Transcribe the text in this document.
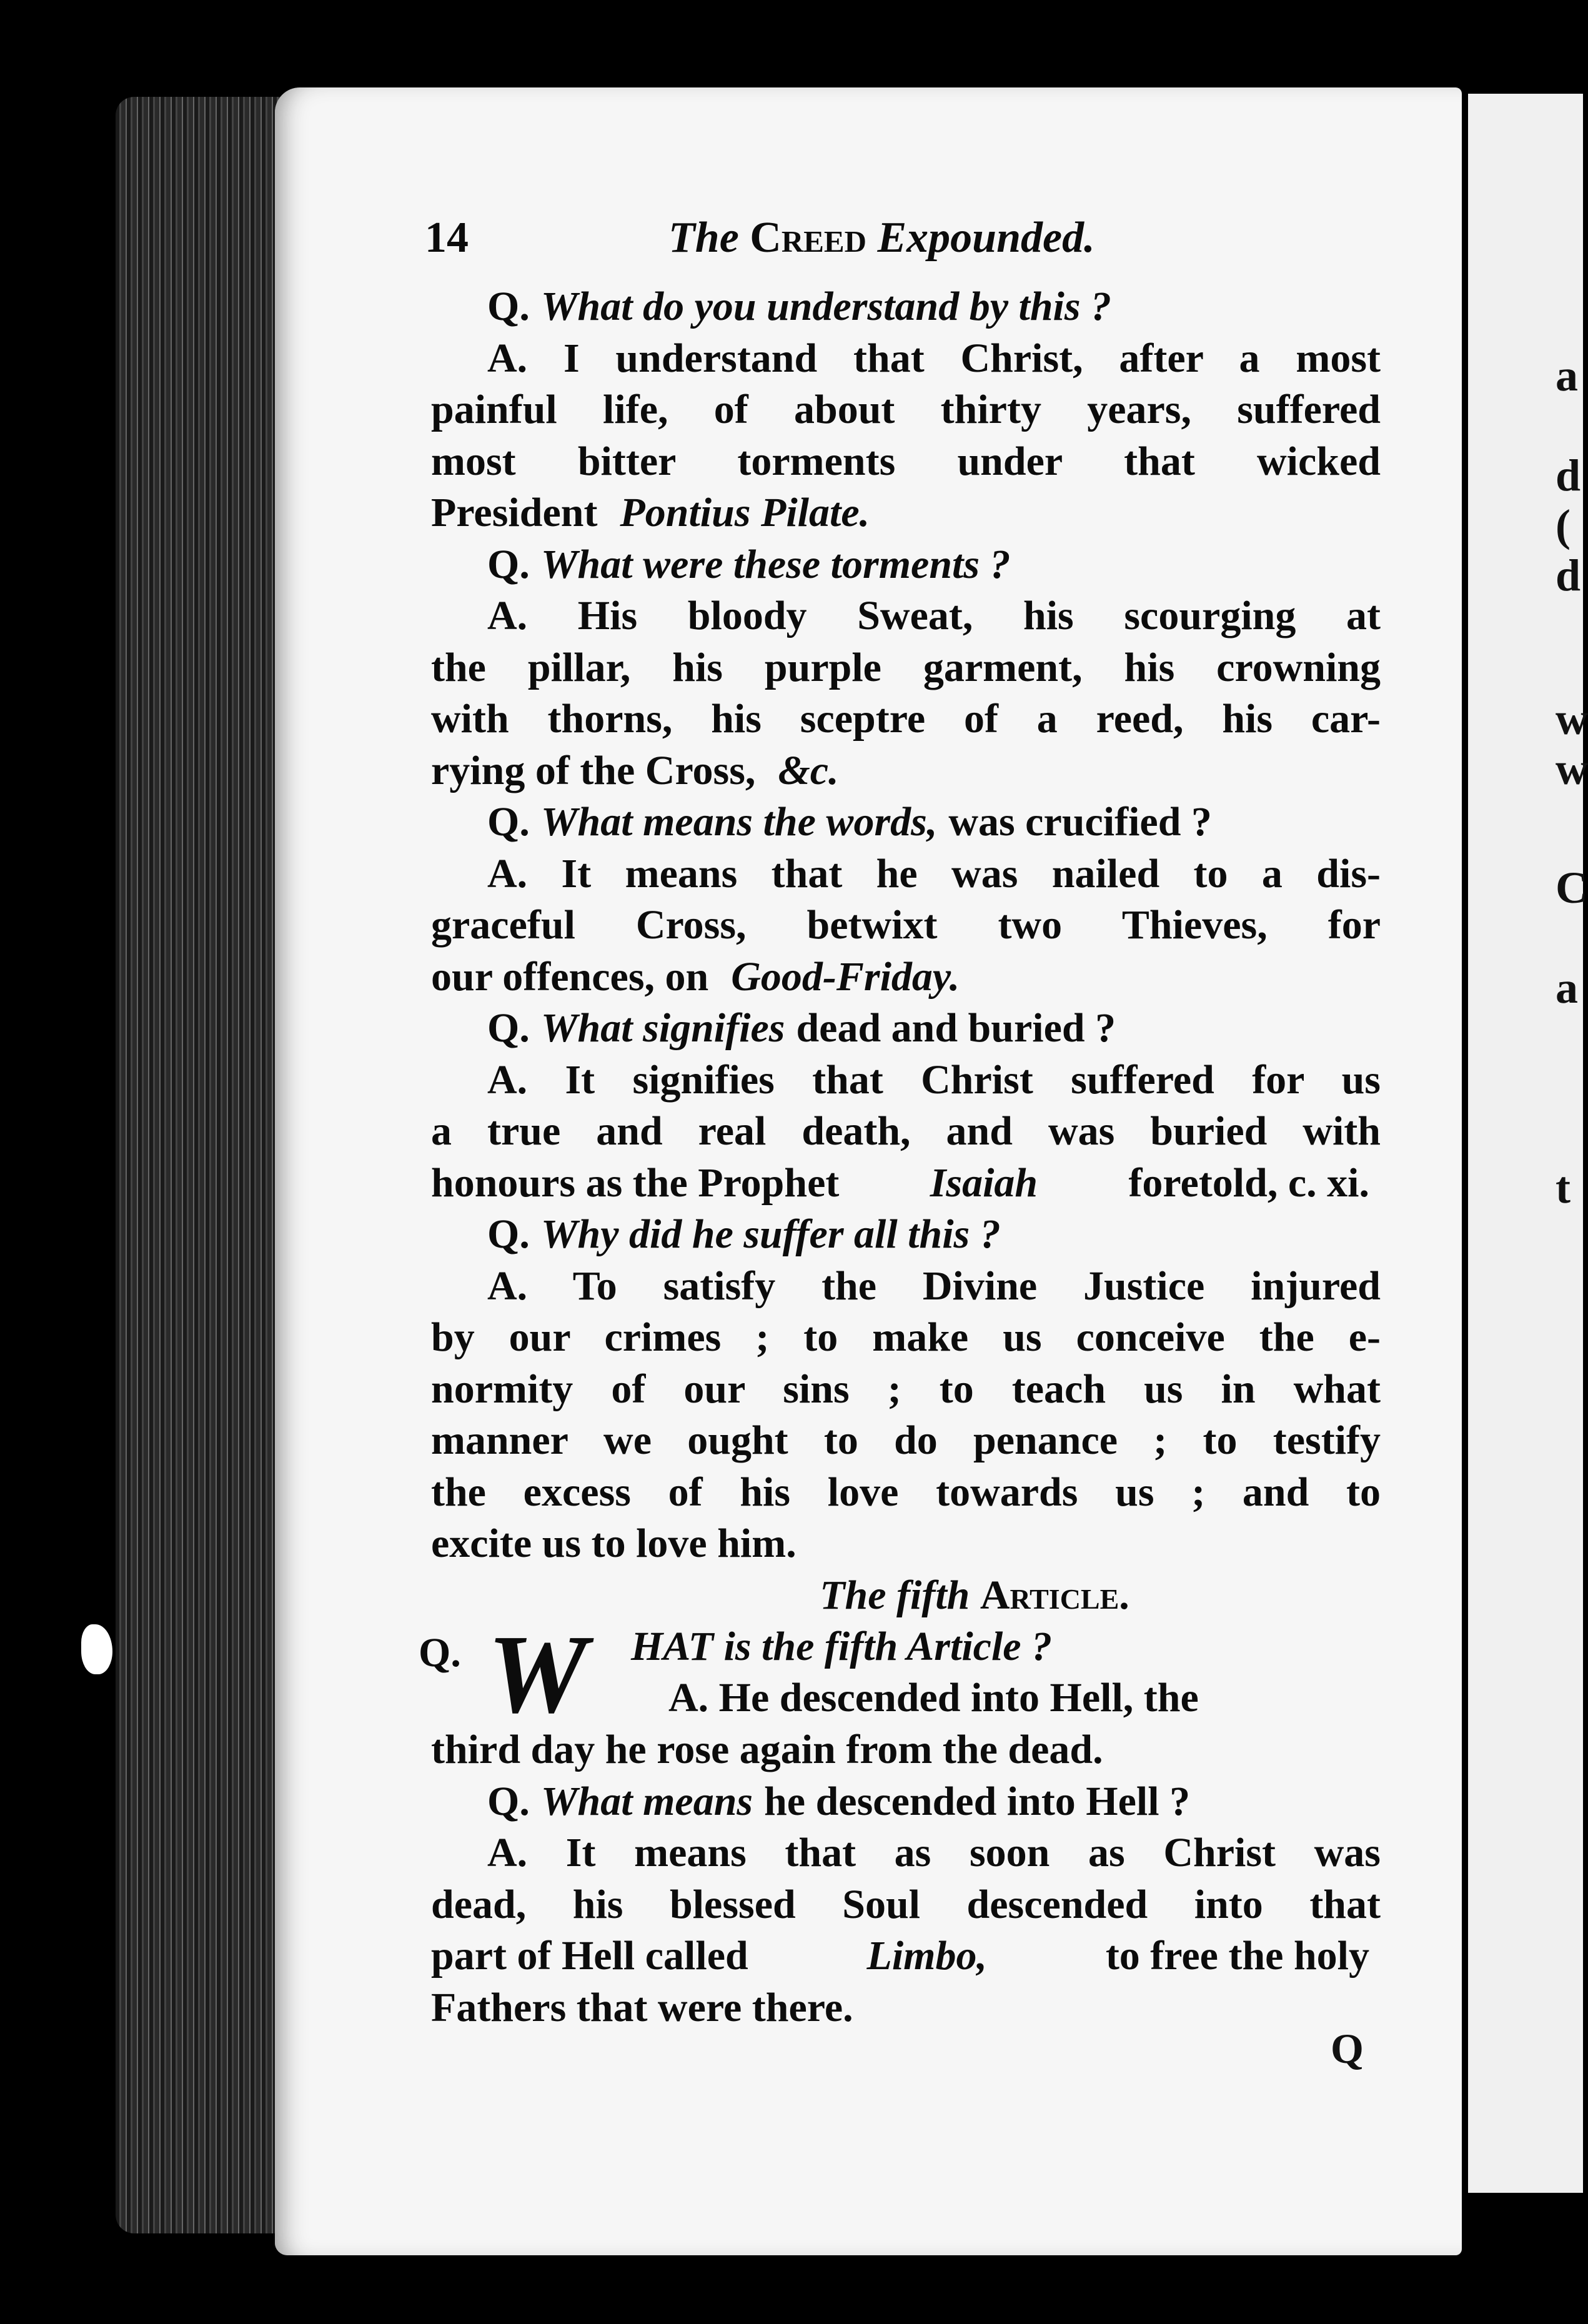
a
d
(
d
w
w
C
a
t
14	The Creed Expounded.
Q. What do you understand by this ?
A. I understand that Christ, after a most
painful life, of about thirty years, suffered
most bitter torments under that wicked
President Pontius Pilate.
Q. What were these torments ?
A. His bloody Sweat, his scourging at
the pillar, his purple garment, his crowning
with thorns, his sceptre of a reed, his car-
rying of the Cross, &c.
Q. What means the words, was crucified ?
A. It means that he was nailed to a dis-
graceful Cross, betwixt two Thieves, for
our offences, on Good-Friday.
Q. What signifies dead and buried ?
A. It signifies that Christ suffered for us
a true and real death, and was buried with
honours as the Prophet Isaiah foretold, c. xi.
Q. Why did he suffer all this ?
A. To satisfy the Divine Justice injured
by our crimes ; to make us conceive the e-
normity of our sins ; to teach us in what
manner we ought to do penance ; to testify
the excess of his love towards us ; and to
excite us to love him.
The fifth Article.
Q. W HAT is the fifth Article ?
A. He descended into Hell, the
third day he rose again from the dead.
Q. What means he descended into Hell ?
A. It means that as soon as Christ was
dead, his blessed Soul descended into that
part of Hell called	Limbo,	to free the holy
Fathers that were there.
Q
